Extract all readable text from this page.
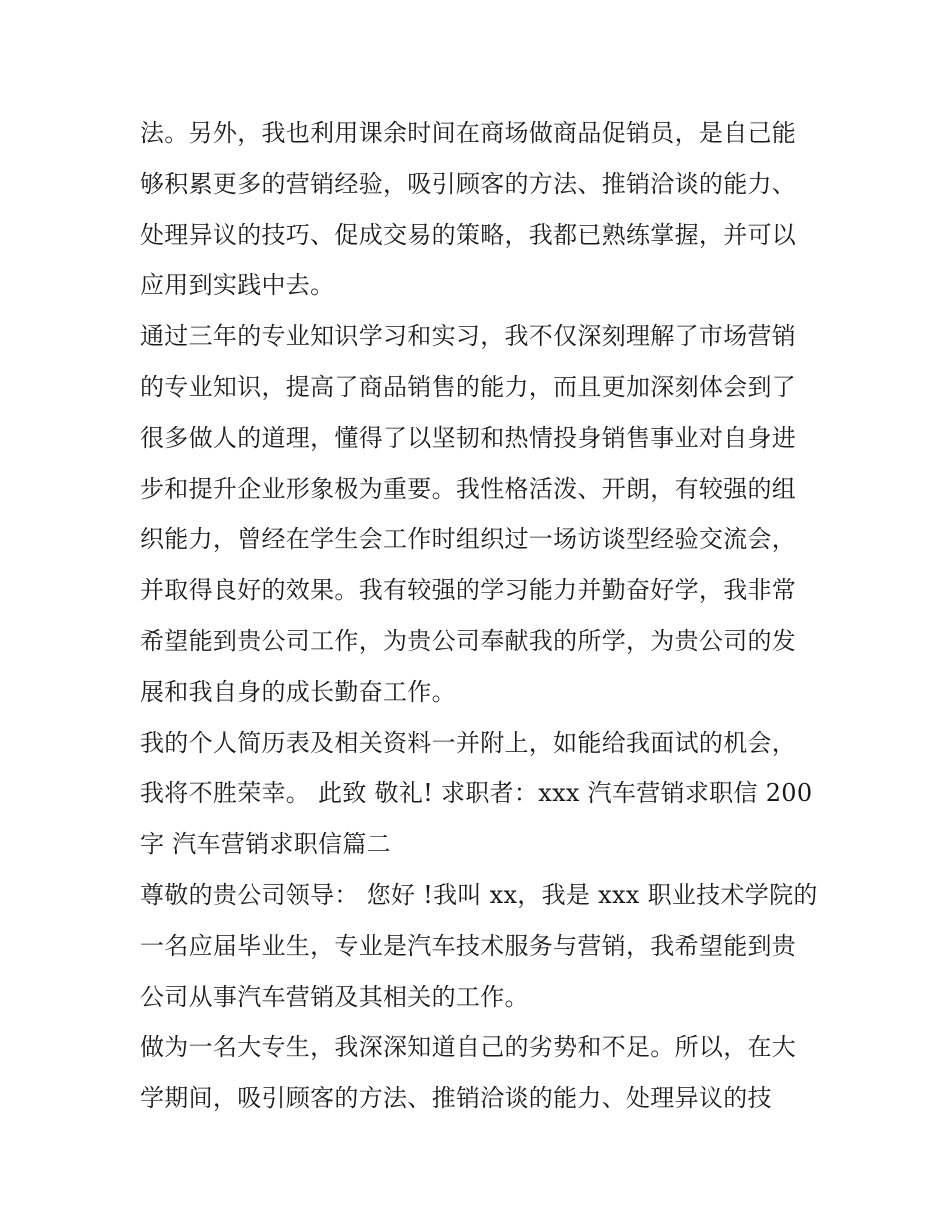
法。另外，我也利用课余时间在商场做商品促销员，是自己能
够积累更多的营销经验，吸引顾客的方法、推销洽谈的能力、
处理异议的技巧、促成交易的策略，我都已熟练掌握，并可以
应用到实践中去。
通过三年的专业知识学习和实习，我不仅深刻理解了市场营销
的专业知识，提高了商品销售的能力，而且更加深刻体会到了
很多做人的道理，懂得了以坚韧和热情投身销售事业对自身进
步和提升企业形象极为重要。我性格活泼、开朗，有较强的组
织能力，曾经在学生会工作时组织过一场访谈型经验交流会，
并取得良好的效果。我有较强的学习能力并勤奋好学，我非常
希望能到贵公司工作，为贵公司奉献我的所学，为贵公司的发
展和我自身的成长勤奋工作。
我的个人简历表及相关资料一并附上，如能给我面试的机会，
我将不胜荣幸。 此致 敬礼! 求职者：xxx 汽车营销求职信 200
字 汽车营销求职信篇二
尊敬的贵公司领导： 您好 !我叫 xx，我是 xxx 职业技术学院的
一名应届毕业生，专业是汽车技术服务与营销，我希望能到贵
公司从事汽车营销及其相关的工作。
做为一名大专生，我深深知道自己的劣势和不足。所以，在大
学期间，吸引顾客的方法、推销洽谈的能力、处理异议的技
